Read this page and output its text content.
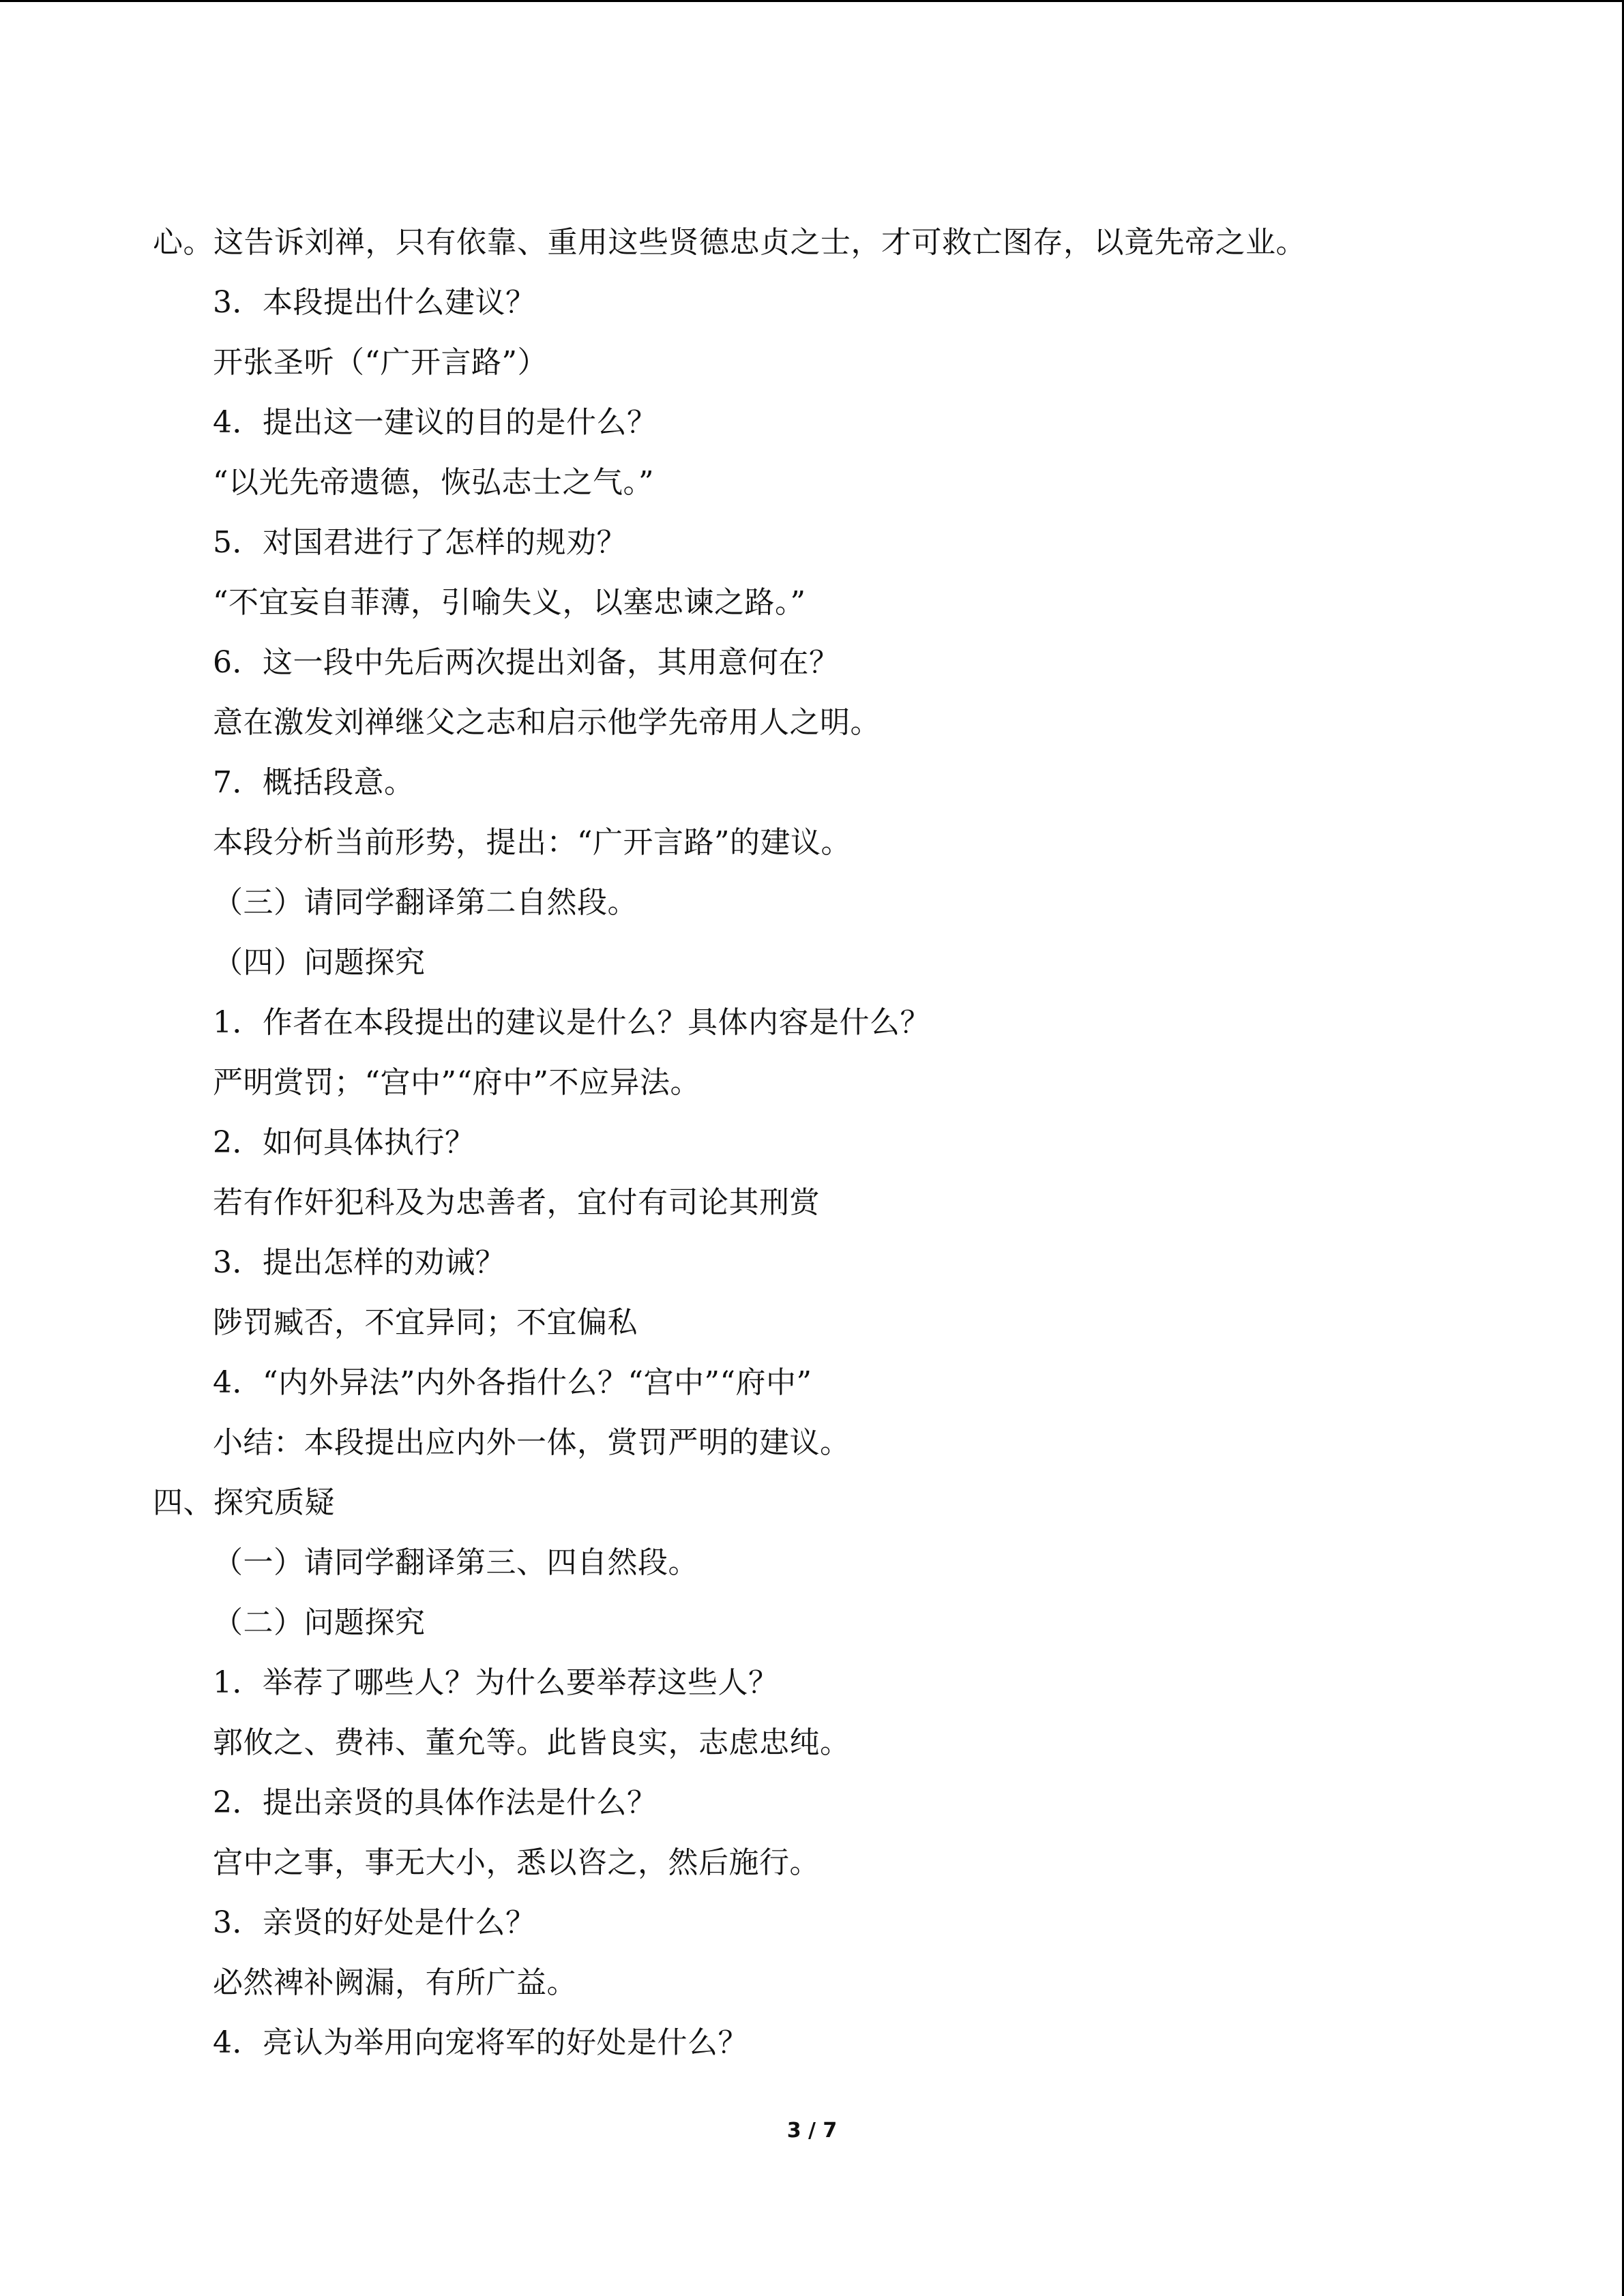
心。这告诉刘禅，只有依靠、重用这些贤德忠贞之士，才可救亡图存，以竟先帝之业。
3．本段提出什么建议？
开张圣听（“广开言路”）
4．提出这一建议的目的是什么？
“以光先帝遗德，恢弘志士之气。”
5．对国君进行了怎样的规劝？
“不宜妄自菲薄，引喻失义，以塞忠谏之路。”
6．这一段中先后两次提出刘备，其用意何在？
意在激发刘禅继父之志和启示他学先帝用人之明。
7．概括段意。
本段分析当前形势，提出：“广开言路”的建议。
（三）请同学翻译第二自然段。
（四）问题探究
1．作者在本段提出的建议是什么？具体内容是什么？
严明赏罚；“宫中”“府中”不应异法。
2．如何具体执行？
若有作奸犯科及为忠善者，宜付有司论其刑赏
3．提出怎样的劝诫？
陟罚臧否，不宜异同；不宜偏私
4．“内外异法”内外各指什么？“宫中”“府中”
小结：本段提出应内外一体，赏罚严明的建议。
四、探究质疑
（一）请同学翻译第三、四自然段。
（二）问题探究
1．举荐了哪些人？为什么要举荐这些人？
郭攸之、费祎、董允等。此皆良实，志虑忠纯。
2．提出亲贤的具体作法是什么？
宫中之事，事无大小，悉以咨之，然后施行。
3．亲贤的好处是什么？
必然裨补阙漏，有所广益。
4．亮认为举用向宠将军的好处是什么？
3 / 7
